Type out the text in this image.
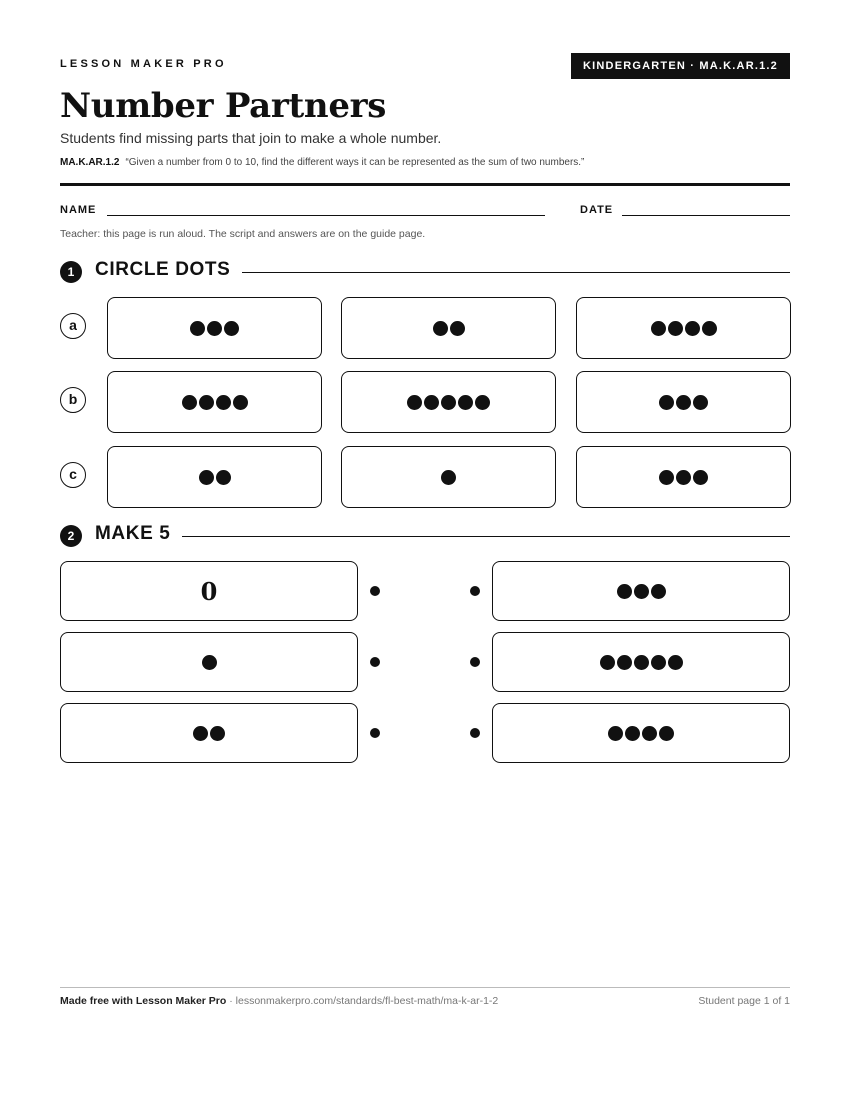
LESSON MAKER PRO	KINDERGARTEN · MA.K.AR.1.2
Number Partners
Students find missing parts that join to make a whole number.
MA.K.AR.1.2 “Given a number from 0 to 10, find the different ways it can be represented as the sum of two numbers.”
NAME	DATE
Teacher: this page is run aloud. The script and answers are on the guide page.
1	CIRCLE DOTS
a
b
c
2	MAKE 5
0
Made free with Lesson Maker Pro · lessonmakerpro.com/standards/fl-best-math/ma-k-ar-1-2	Student page 1 of 1
